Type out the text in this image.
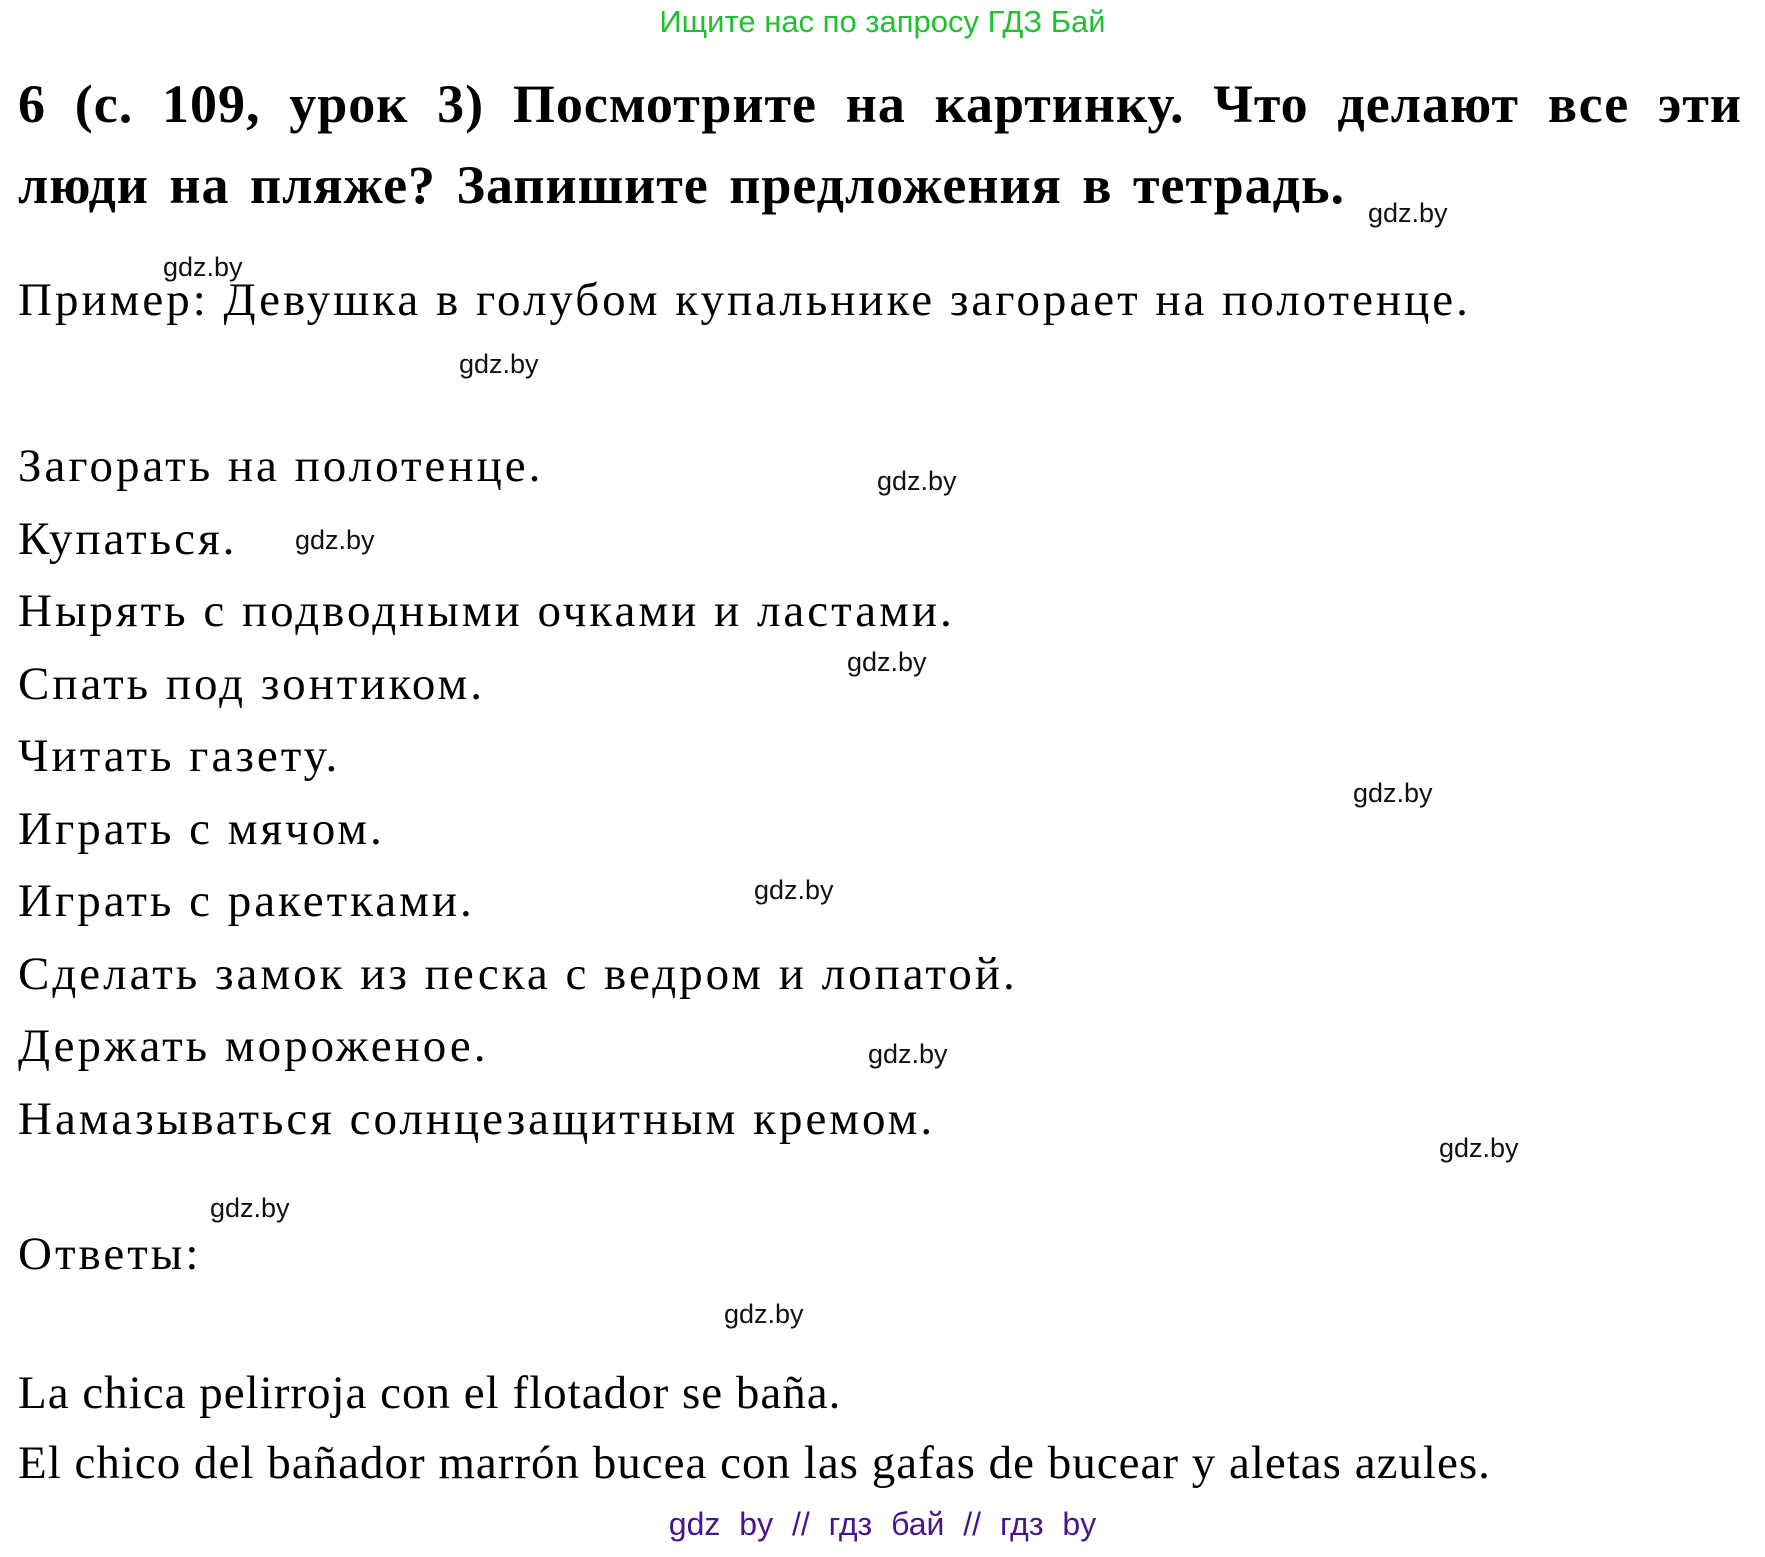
Ищите нас по запросу ГДЗ Бай
6 (с. 109, урок 3) Посмотрите на картинку. Что делают все эти люди на пляже? Запишите предложения в тетрадь.
Пример: Девушка в голубом купальнике загорает на полотенце.
Загорать на полотенце.
Купаться.
Нырять с подводными очками и ластами.
Спать под зонтиком.
Читать газету.
Играть с мячом.
Играть с ракетками.
Сделать замок из песка с ведром и лопатой.
Держать мороженое.
Намазываться солнцезащитным кремом.
Ответы:
La chica pelirroja con el flotador se baña.
El chico del bañador marrón bucea con las gafas de bucear y aletas azules.
gdz.by
gdz.by
gdz.by
gdz.by
gdz.by
gdz.by
gdz.by
gdz.by
gdz.by
gdz.by
gdz.by
gdz.by
gdz by // гдз бай // гдз by
